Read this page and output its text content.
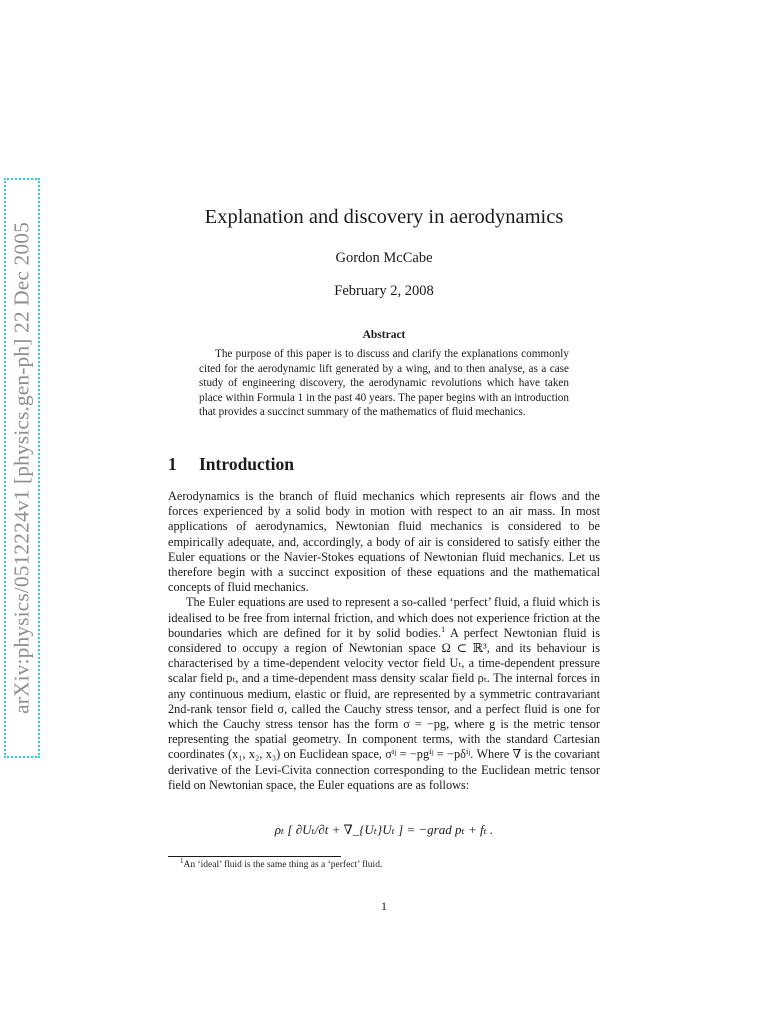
arXiv:physics/0512224v1 [physics.gen-ph] 22 Dec 2005
Explanation and discovery in aerodynamics
Gordon McCabe
February 2, 2008
Abstract
The purpose of this paper is to discuss and clarify the explanations commonly cited for the aerodynamic lift generated by a wing, and to then analyse, as a case study of engineering discovery, the aerodynamic revolutions which have taken place within Formula 1 in the past 40 years. The paper begins with an introduction that provides a succinct summary of the mathematics of fluid mechanics.
1 Introduction

Aerodynamics is the branch of fluid mechanics which represents air flows and the forces experienced by a solid body in motion with respect to an air mass. In most applications of aerodynamics, Newtonian fluid mechanics is considered to be empirically adequate, and, accordingly, a body of air is considered to satisfy either the Euler equations or the Navier-Stokes equations of Newtonian fluid mechanics. Let us therefore begin with a succinct exposition of these equations and the mathematical concepts of fluid mechanics.

The Euler equations are used to represent a so-called ‘perfect’ fluid, a fluid which is idealised to be free from internal friction, and which does not experience friction at the boundaries which are defined for it by solid bodies.$^1$ A perfect Newtonian fluid is considered to occupy a region of Newtonian space Ω ⊂ ℝ³, and its behaviour is characterised by a time-dependent velocity vector field Uₜ, a time-dependent pressure scalar field pₜ, and a time-dependent mass density scalar field ρₜ. The internal forces in any continuous medium, elastic or fluid, are represented by a symmetric contravariant 2nd-rank tensor field σ, called the Cauchy stress tensor, and a perfect fluid is one for which the Cauchy stress tensor has the form σ = −pg, where g is the metric tensor representing the spatial geometry. In component terms, with the standard Cartesian coordinates (x₁, x₂, x₃) on Euclidean space, σⁱʲ = −pgⁱʲ = −pδⁱʲ. Where ∇ is the covariant derivative of the Levi-Civita connection corresponding to the Euclidean metric tensor field on Newtonian space, the Euler equations are as follows:

ρₜ [ ∂Uₜ/∂t + ∇_{Uₜ}Uₜ ] = −grad pₜ + fₜ .
$^1$An ‘ideal’ fluid is the same thing as a ‘perfect’ fluid.
1
